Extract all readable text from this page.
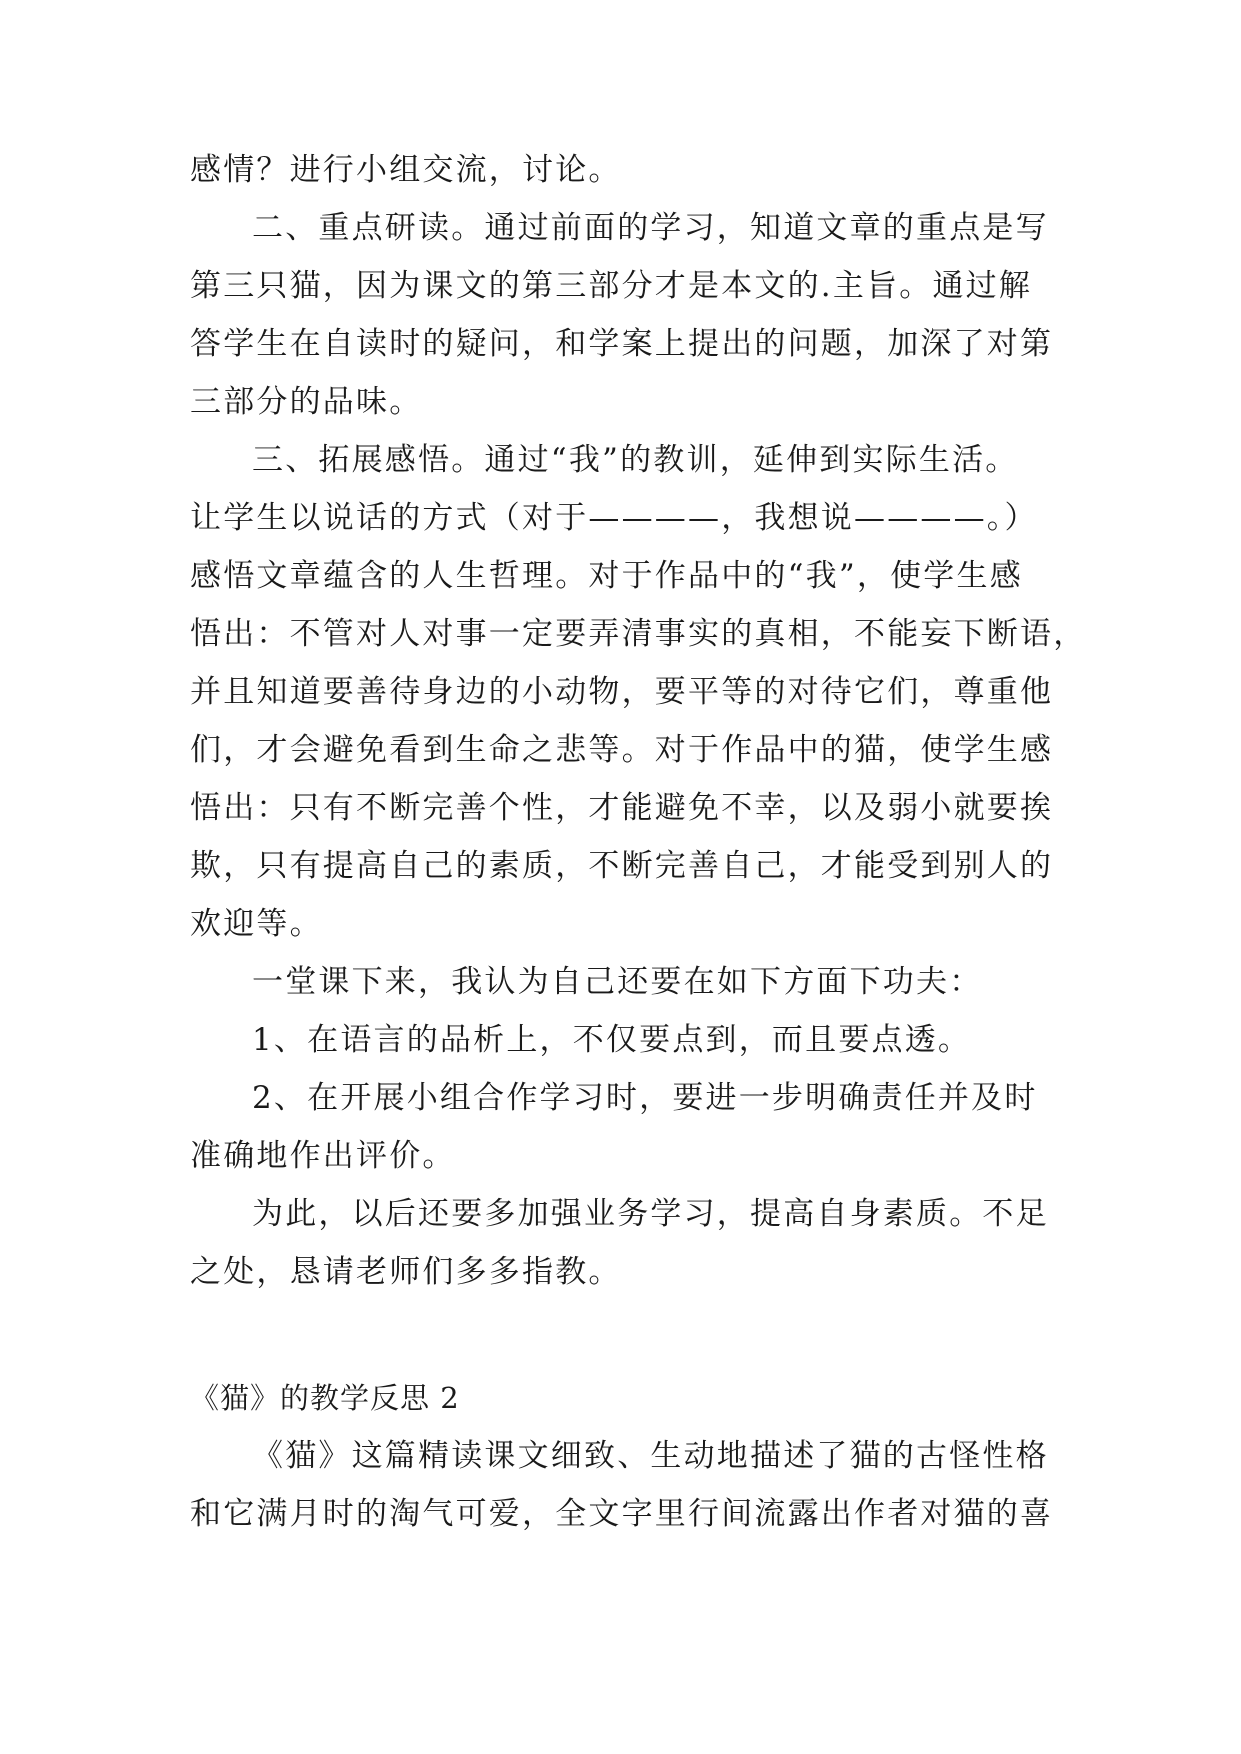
感情？进行小组交流，讨论。
二、重点研读。通过前面的学习，知道文章的重点是写
第三只猫，因为课文的第三部分才是本文的.主旨。通过解
答学生在自读时的疑问，和学案上提出的问题，加深了对第
三部分的品味。
三、拓展感悟。通过“我”的教训，延伸到实际生活。
让学生以说话的方式（对于————，我想说————。）
感悟文章蕴含的人生哲理。对于作品中的“我”，使学生感
悟出：不管对人对事一定要弄清事实的真相，不能妄下断语，
并且知道要善待身边的小动物，要平等的对待它们，尊重他
们，才会避免看到生命之悲等。对于作品中的猫，使学生感
悟出：只有不断完善个性，才能避免不幸，以及弱小就要挨
欺，只有提高自己的素质，不断完善自己，才能受到别人的
欢迎等。
一堂课下来，我认为自己还要在如下方面下功夫：
1、在语言的品析上，不仅要点到，而且要点透。
2、在开展小组合作学习时，要进一步明确责任并及时
准确地作出评价。
为此，以后还要多加强业务学习，提高自身素质。不足
之处，恳请老师们多多指教。
《猫》的教学反思 2
《猫》这篇精读课文细致、生动地描述了猫的古怪性格
和它满月时的淘气可爱，全文字里行间流露出作者对猫的喜
